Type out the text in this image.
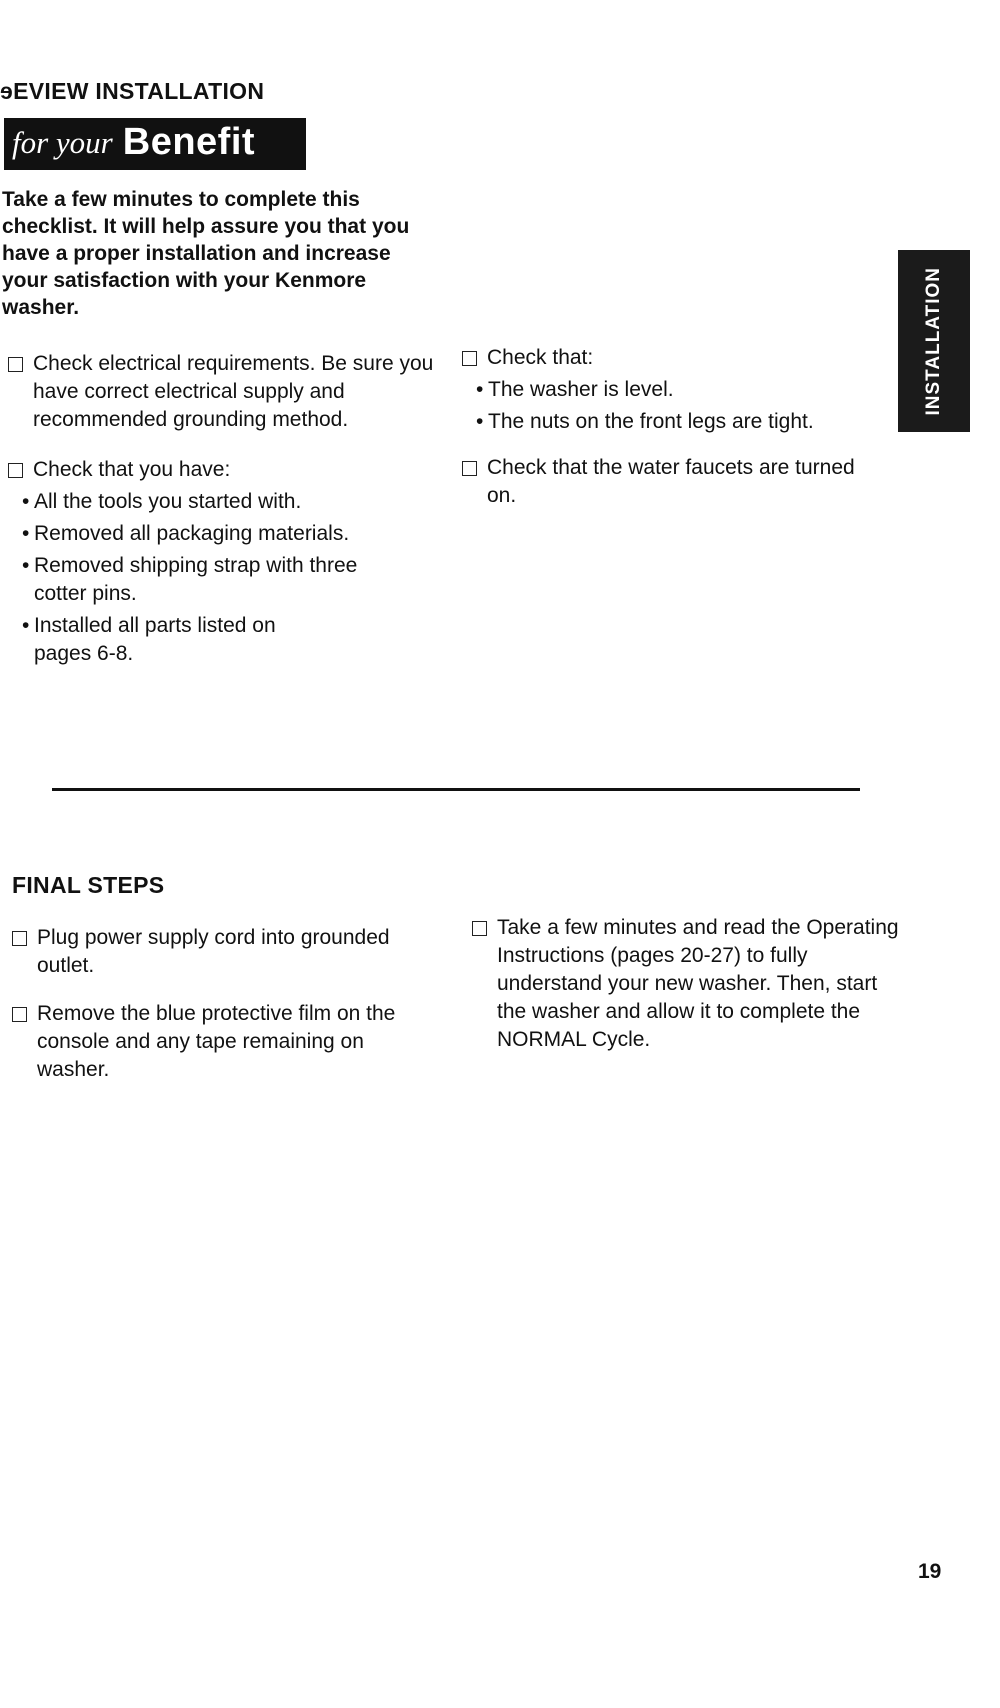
ɘEVIEW INSTALLATION
for your Benefit
Take a few minutes to complete this checklist. It will help assure you that you have a proper installation and increase your satisfaction with your Kenmore washer.
Check electrical requirements. Be sure you have correct electrical supply and recommended grounding method.
Check that you have:
• All the tools you started with.
• Removed all packaging materials.
• Removed shipping strap with three cotter pins.
• Installed all parts listed on pages 6-8.
Check that:
• The washer is level.
• The nuts on the front legs are tight.
Check that the water faucets are turned on.
INSTALLATION
FINAL STEPS
Plug power supply cord into grounded outlet.
Remove the blue protective film on the console and any tape remaining on washer.
Take a few minutes and read the Operating Instructions (pages 20-27) to fully understand your new washer. Then, start the washer and allow it to complete the NORMAL Cycle.
19
